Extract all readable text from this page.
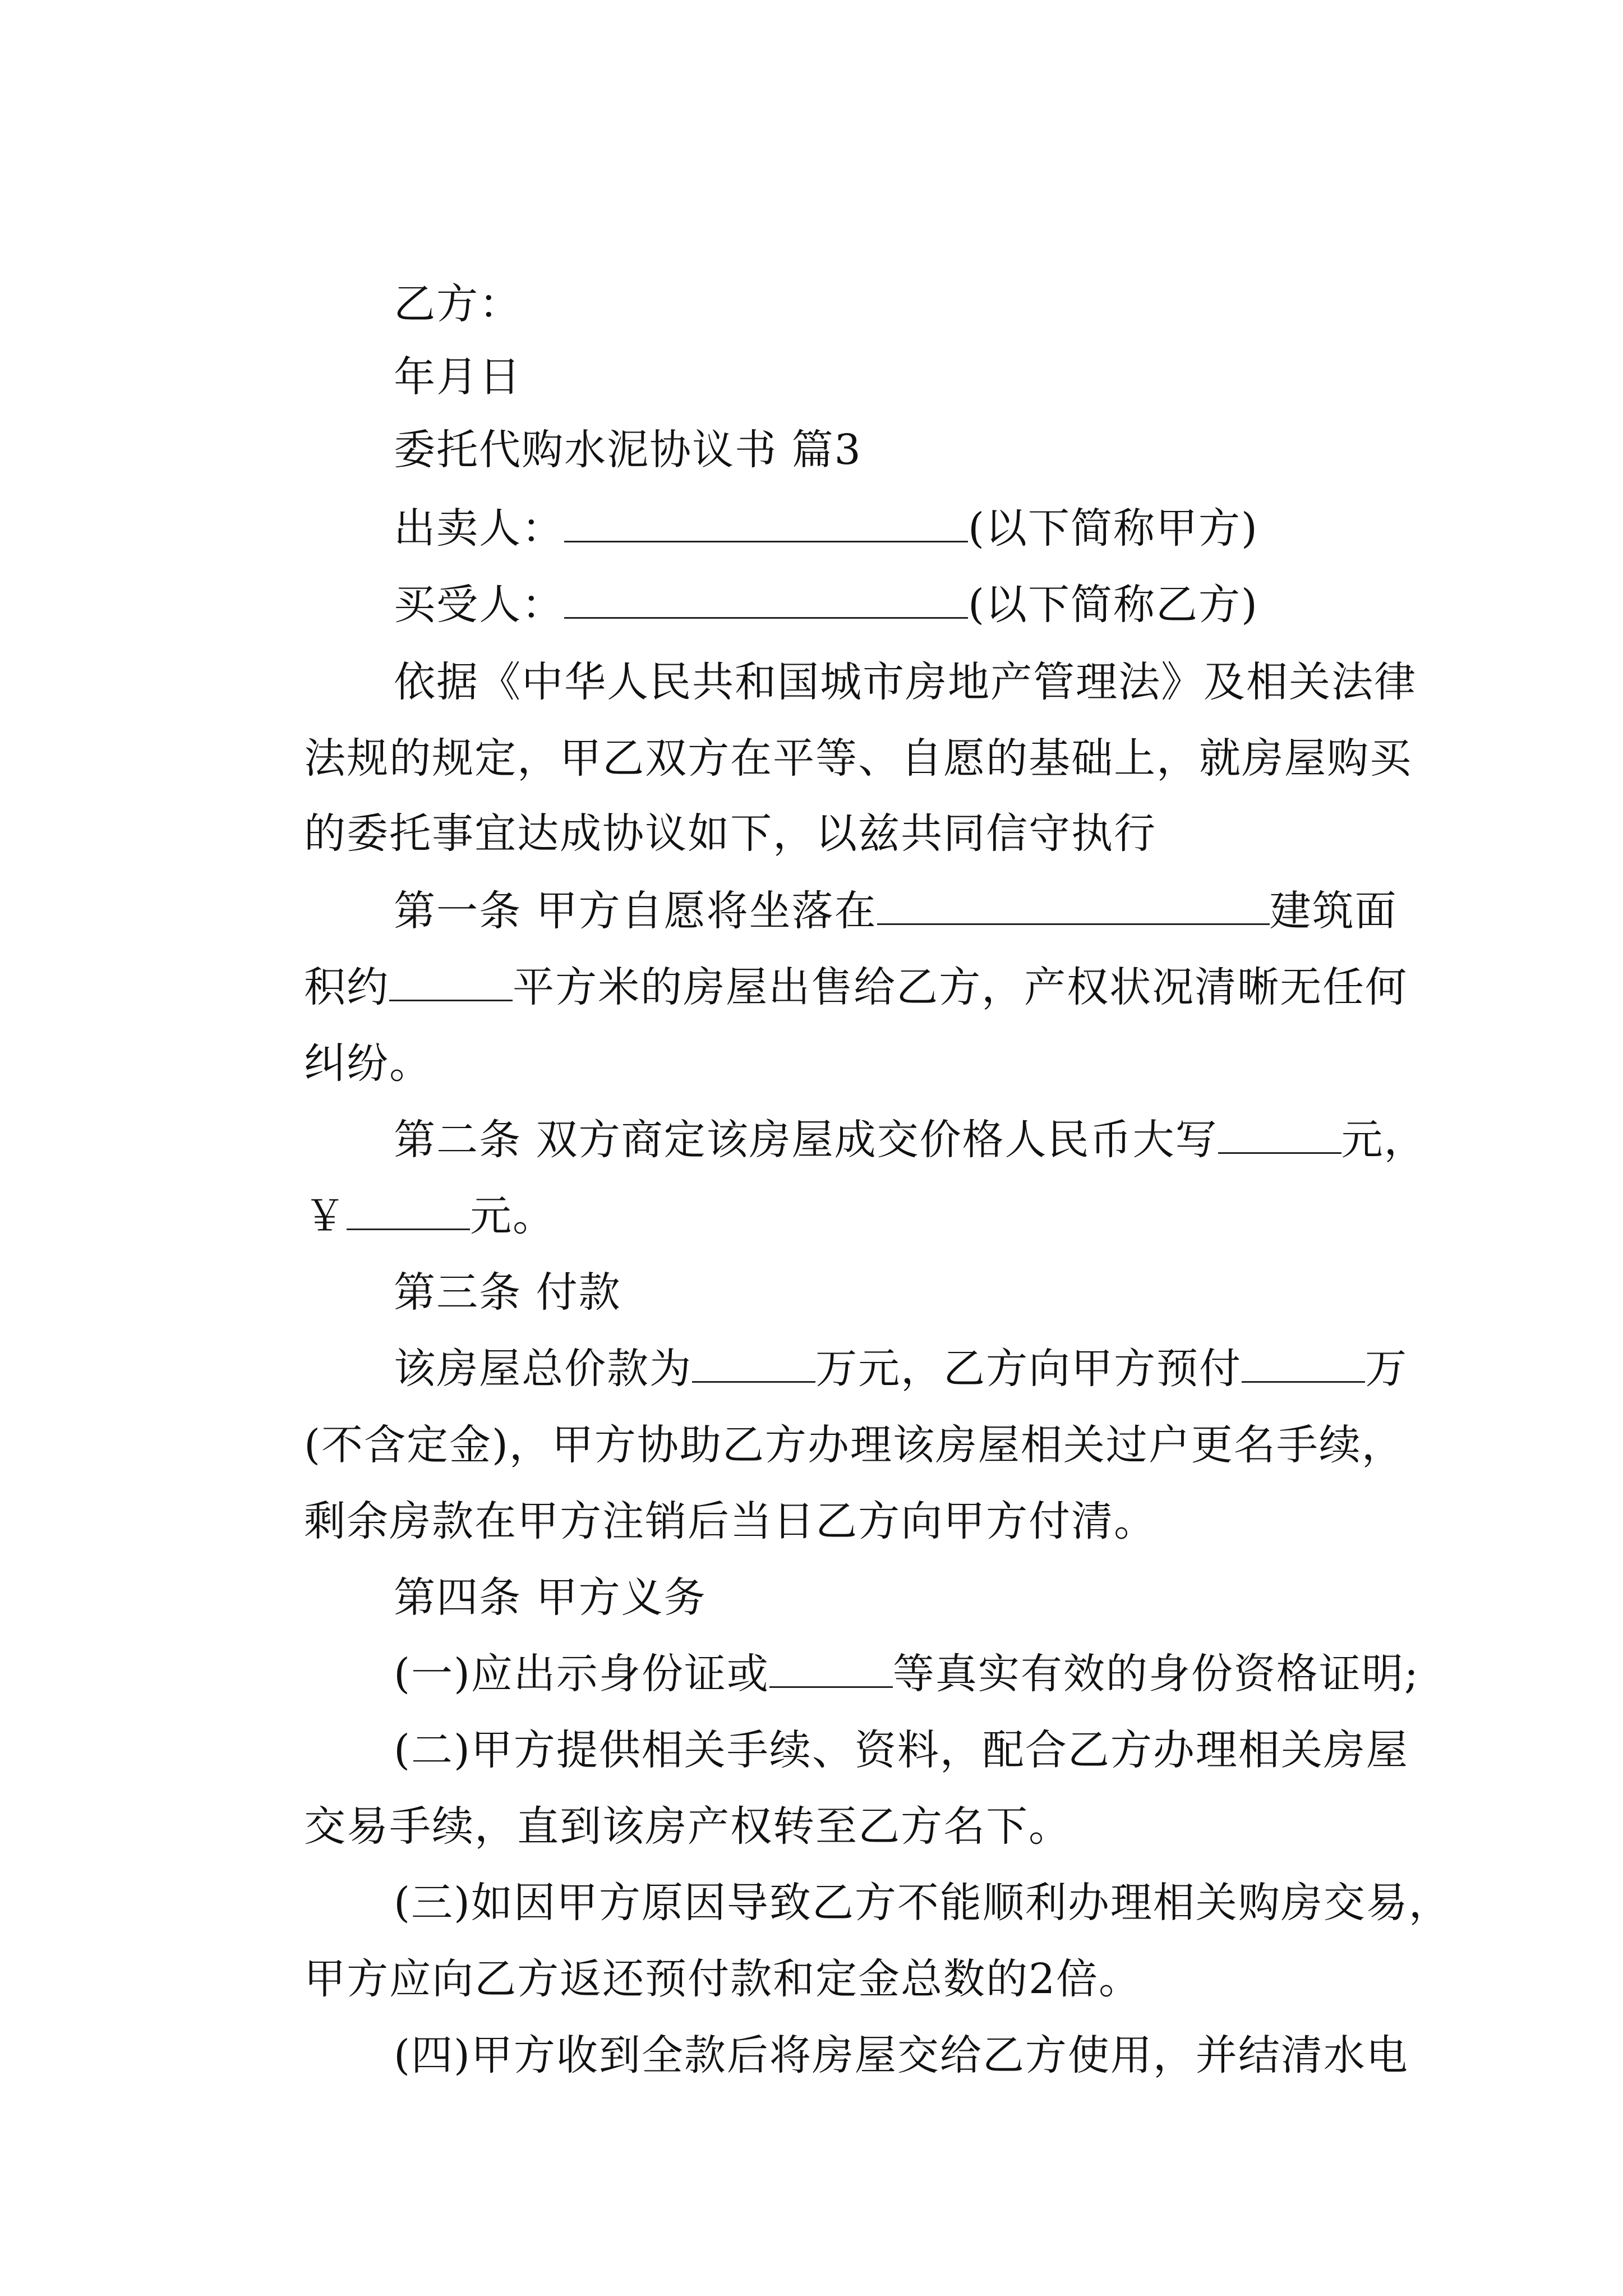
乙方：

年月日

委托代购水泥协议书 篇3

出卖人：	(以下简称甲方)

买受人：	(以下简称乙方)

依据《中华人民共和国城市房地产管理法》及相关法律

法规的规定，甲乙双方在平等、自愿的基础上，就房屋购买

的委托事宜达成协议如下，以兹共同信守执行

第一条 甲方自愿将坐落在	建筑面

积约	平方米的房屋出售给乙方，产权状况清晰无任何

纠纷。

第二条 双方商定该房屋成交价格人民币大写	元，

￥	元。

第三条 付款

该房屋总价款为	万元，乙方向甲方预付	万

(不含定金)，甲方协助乙方办理该房屋相关过户更名手续，

剩余房款在甲方注销后当日乙方向甲方付清。

第四条 甲方义务

(一)应出示身份证或	等真实有效的身份资格证明;

(二)甲方提供相关手续、资料，配合乙方办理相关房屋

交易手续，直到该房产权转至乙方名下。

(三)如因甲方原因导致乙方不能顺利办理相关购房交易，

甲方应向乙方返还预付款和定金总数的2倍。

(四)甲方收到全款后将房屋交给乙方使用，并结清水电
